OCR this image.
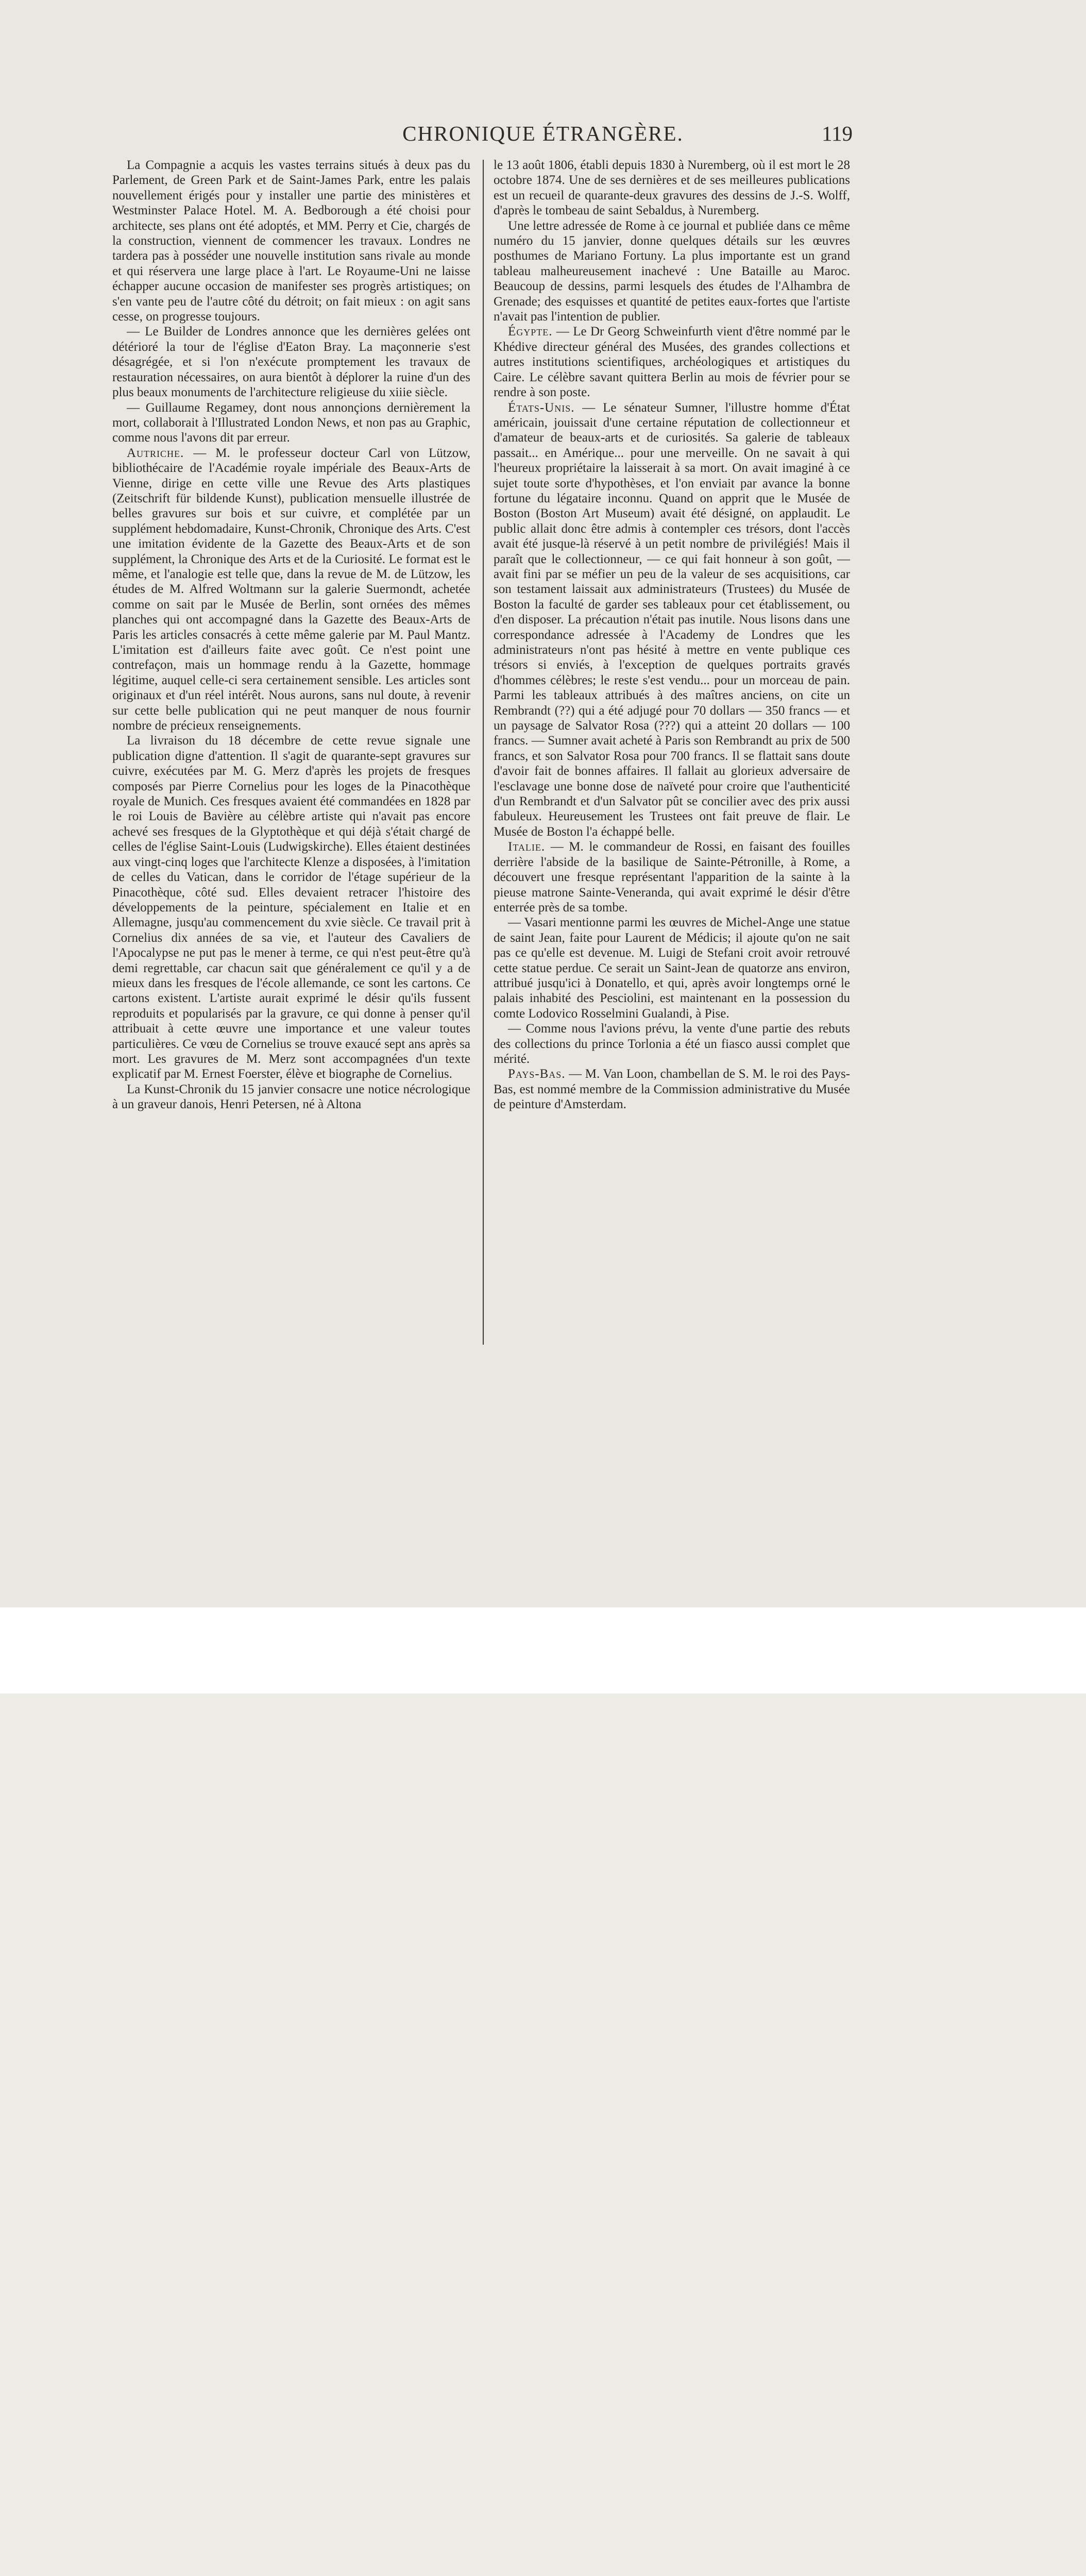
CHRONIQUE ÉTRANGÈRE.	119

La Compagnie a acquis les vastes terrains situés à deux pas du Parlement, de Green Park et de Saint-James Park, entre les palais nouvellement érigés pour y installer une partie des ministères et Westminster Palace Hotel. M. A. Bedborough a été choisi pour architecte, ses plans ont été adoptés, et MM. Perry et Cie, chargés de la construction, viennent de commencer les travaux. Londres ne tardera pas à posséder une nouvelle institution sans rivale au monde et qui réservera une large place à l'art. Le Royaume-Uni ne laisse échapper aucune occasion de manifester ses progrès artistiques; on s'en vante peu de l'autre côté du détroit; on fait mieux : on agit sans cesse, on progresse toujours.

— Le Builder de Londres annonce que les dernières gelées ont détérioré la tour de l'église d'Eaton Bray. La maçonnerie s'est désagrégée, et si l'on n'exécute promptement les travaux de restauration nécessaires, on aura bientôt à déplorer la ruine d'un des plus beaux monuments de l'architecture religieuse du xiiie siècle.

— Guillaume Regamey, dont nous annonçions dernièrement la mort, collaborait à l'Illustrated London News, et non pas au Graphic, comme nous l'avons dit par erreur.

Autriche. — M. le professeur docteur Carl von Lützow, bibliothécaire de l'Académie royale impériale des Beaux-Arts de Vienne, dirige en cette ville une Revue des Arts plastiques (Zeitschrift für bildende Kunst), publication mensuelle illustrée de belles gravures sur bois et sur cuivre, et complétée par un supplément hebdomadaire, Kunst-Chronik, Chronique des Arts. C'est une imitation évidente de la Gazette des Beaux-Arts et de son supplément, la Chronique des Arts et de la Curiosité. Le format est le même, et l'analogie est telle que, dans la revue de M. de Lützow, les études de M. Alfred Woltmann sur la galerie Suermondt, achetée comme on sait par le Musée de Berlin, sont ornées des mêmes planches qui ont accompagné dans la Gazette des Beaux-Arts de Paris les articles consacrés à cette même galerie par M. Paul Mantz. L'imitation est d'ailleurs faite avec goût. Ce n'est point une contrefaçon, mais un hommage rendu à la Gazette, hommage légitime, auquel celle-ci sera certainement sensible. Les articles sont originaux et d'un réel intérêt. Nous aurons, sans nul doute, à revenir sur cette belle publication qui ne peut manquer de nous fournir nombre de précieux renseignements.

La livraison du 18 décembre de cette revue signale une publication digne d'attention. Il s'agit de quarante-sept gravures sur cuivre, exécutées par M. G. Merz d'après les projets de fresques composés par Pierre Cornelius pour les loges de la Pinacothèque royale de Munich. Ces fresques avaient été commandées en 1828 par le roi Louis de Bavière au célèbre artiste qui n'avait pas encore achevé ses fresques de la Glyptothèque et qui déjà s'était chargé de celles de l'église Saint-Louis (Ludwigskirche). Elles étaient destinées aux vingt-cinq loges que l'architecte Klenze a disposées, à l'imitation de celles du Vatican, dans le corridor de l'étage supérieur de la Pinacothèque, côté sud. Elles devaient retracer l'histoire des développements de la peinture, spécialement en Italie et en Allemagne, jusqu'au commencement du xvie siècle. Ce travail prit à Cornelius dix années de sa vie, et l'auteur des Cavaliers de l'Apocalypse ne put pas le mener à terme, ce qui n'est peut-être qu'à demi regrettable, car chacun sait que généralement ce qu'il y a de mieux dans les fresques de l'école allemande, ce sont les cartons. Ce cartons existent. L'artiste aurait exprimé le désir qu'ils fussent reproduits et popularisés par la gravure, ce qui donne à penser qu'il attribuait à cette œuvre une importance et une valeur toutes particulières. Ce vœu de Cornelius se trouve exaucé sept ans après sa mort. Les gravures de M. Merz sont accompagnées d'un texte explicatif par M. Ernest Foerster, élève et biographe de Cornelius.

La Kunst-Chronik du 15 janvier consacre une notice nécrologique à un graveur danois, Henri Petersen, né à Altona

le 13 août 1806, établi depuis 1830 à Nuremberg, où il est mort le 28 octobre 1874. Une de ses dernières et de ses meilleures publications est un recueil de quarante-deux gravures des dessins de J.-S. Wolff, d'après le tombeau de saint Sebaldus, à Nuremberg.

Une lettre adressée de Rome à ce journal et publiée dans ce même numéro du 15 janvier, donne quelques détails sur les œuvres posthumes de Mariano Fortuny. La plus importante est un grand tableau malheureusement inachevé : Une Bataille au Maroc. Beaucoup de dessins, parmi lesquels des études de l'Alhambra de Grenade; des esquisses et quantité de petites eaux-fortes que l'artiste n'avait pas l'intention de publier.

Égypte. — Le Dr Georg Schweinfurth vient d'être nommé par le Khédive directeur général des Musées, des grandes collections et autres institutions scientifiques, archéologiques et artistiques du Caire. Le célèbre savant quittera Berlin au mois de février pour se rendre à son poste.

États-Unis. — Le sénateur Sumner, l'illustre homme d'État américain, jouissait d'une certaine réputation de collectionneur et d'amateur de beaux-arts et de curiosités. Sa galerie de tableaux passait... en Amérique... pour une merveille. On ne savait à qui l'heureux propriétaire la laisserait à sa mort. On avait imaginé à ce sujet toute sorte d'hypothèses, et l'on enviait par avance la bonne fortune du légataire inconnu. Quand on apprit que le Musée de Boston (Boston Art Museum) avait été désigné, on applaudit. Le public allait donc être admis à contempler ces trésors, dont l'accès avait été jusque-là réservé à un petit nombre de privilégiés! Mais il paraît que le collectionneur, — ce qui fait honneur à son goût, — avait fini par se méfier un peu de la valeur de ses acquisitions, car son testament laissait aux administrateurs (Trustees) du Musée de Boston la faculté de garder ses tableaux pour cet établissement, ou d'en disposer. La précaution n'était pas inutile. Nous lisons dans une correspondance adressée à l'Academy de Londres que les administrateurs n'ont pas hésité à mettre en vente publique ces trésors si enviés, à l'exception de quelques portraits gravés d'hommes célèbres; le reste s'est vendu... pour un morceau de pain. Parmi les tableaux attribués à des maîtres anciens, on cite un Rembrandt (??) qui a été adjugé pour 70 dollars — 350 francs — et un paysage de Salvator Rosa (???) qui a atteint 20 dollars — 100 francs. — Sumner avait acheté à Paris son Rembrandt au prix de 500 francs, et son Salvator Rosa pour 700 francs. Il se flattait sans doute d'avoir fait de bonnes affaires. Il fallait au glorieux adversaire de l'esclavage une bonne dose de naïveté pour croire que l'authenticité d'un Rembrandt et d'un Salvator pût se concilier avec des prix aussi fabuleux. Heureusement les Trustees ont fait preuve de flair. Le Musée de Boston l'a échappé belle.

Italie. — M. le commandeur de Rossi, en faisant des fouilles derrière l'abside de la basilique de Sainte-Pétronille, à Rome, a découvert une fresque représentant l'apparition de la sainte à la pieuse matrone Sainte-Veneranda, qui avait exprimé le désir d'être enterrée près de sa tombe.

— Vasari mentionne parmi les œuvres de Michel-Ange une statue de saint Jean, faite pour Laurent de Médicis; il ajoute qu'on ne sait pas ce qu'elle est devenue. M. Luigi de Stefani croit avoir retrouvé cette statue perdue. Ce serait un Saint-Jean de quatorze ans environ, attribué jusqu'ici à Donatello, et qui, après avoir longtemps orné le palais inhabité des Pesciolini, est maintenant en la possession du comte Lodovico Rosselmini Gualandi, à Pise.

— Comme nous l'avions prévu, la vente d'une partie des rebuts des collections du prince Torlonia a été un fiasco aussi complet que mérité.

Pays-Bas. — M. Van Loon, chambellan de S. M. le roi des Pays-Bas, est nommé membre de la Commission administrative du Musée de peinture d'Amsterdam.
